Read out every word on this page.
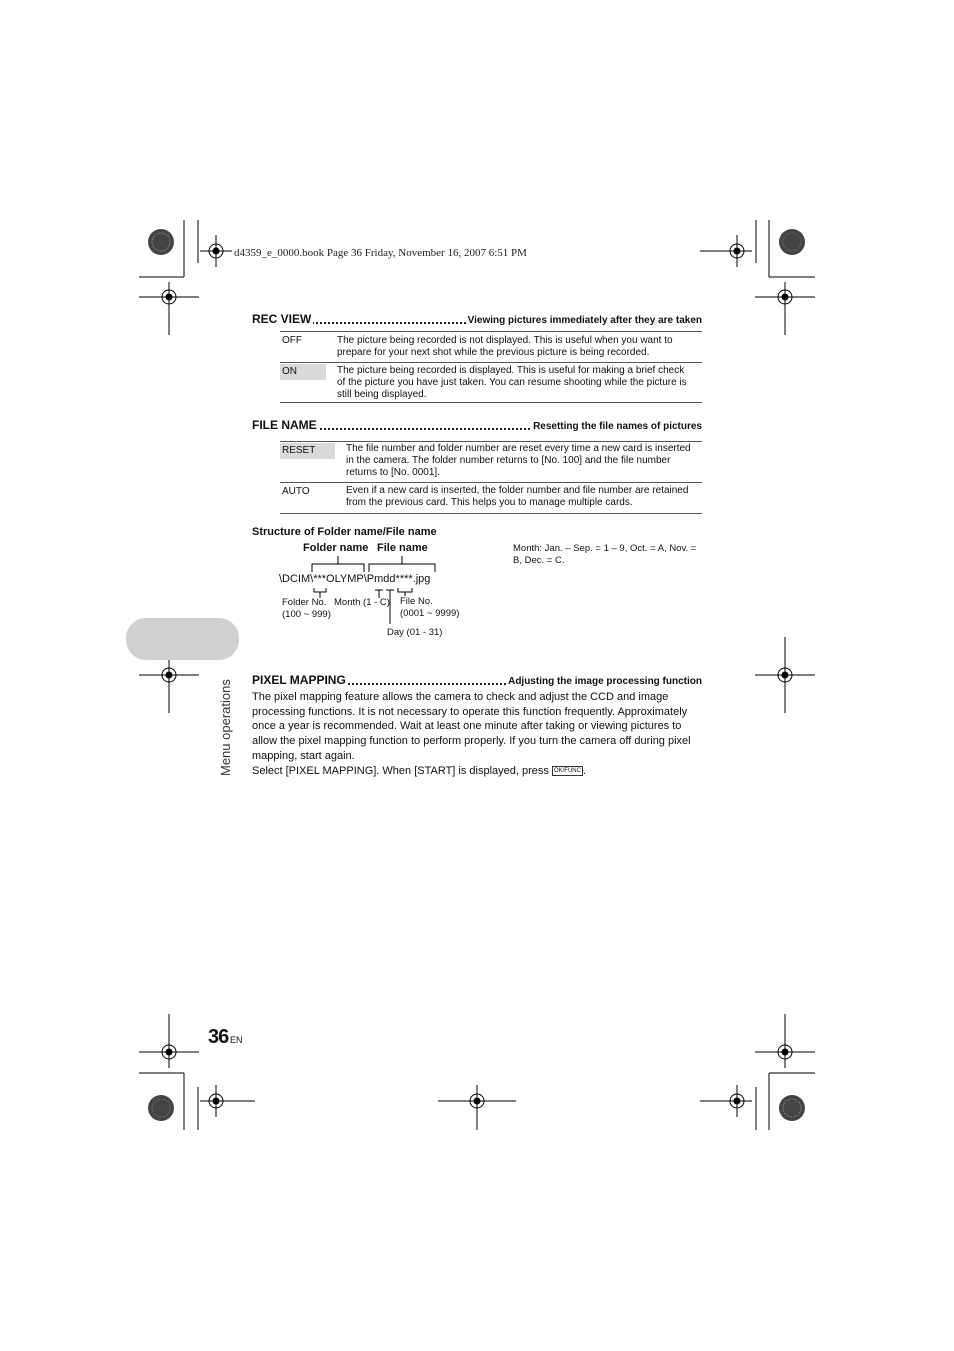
d4359_e_0000.book Page 36 Friday, November 16, 2007 6:51 PM
REC VIEW	Viewing pictures immediately after they are taken
OFF	The picture being recorded is not displayed. This is useful when you want to
prepare for your next shot while the previous picture is being recorded.
ON	The picture being recorded is displayed. This is useful for making a brief check
of the picture you have just taken. You can resume shooting while the picture is
still being displayed.
FILE NAME	Resetting the file names of pictures
RESET	The file number and folder number are reset every time a new card is inserted
in the camera. The folder number returns to [No. 100] and the file number
returns to [No. 0001].
AUTO	Even if a new card is inserted, the folder number and file number are retained
from the previous card. This helps you to manage multiple cards.
Structure of Folder name/File name
Folder name File name
\DCIM\***OLYMP\Pmdd****.jpg
Folder No.
(100 ~ 999)
Month (1 - C) File No.
(0001 ~ 9999)
Day (01 - 31)
Month: Jan. – Sep. = 1 – 9, Oct. = A, Nov. =
B, Dec. = C.
PIXEL MAPPING	Adjusting the image processing function
The pixel mapping feature allows the camera to check and adjust the CCD and image
processing functions. It is not necessary to operate this function frequently. Approximately
once a year is recommended. Wait at least one minute after taking or viewing pictures to
allow the pixel mapping function to perform properly. If you turn the camera off during pixel
mapping, start again.
Select [PIXEL MAPPING]. When [START] is displayed, press OK/FUNC .
Menu operations
36 EN
